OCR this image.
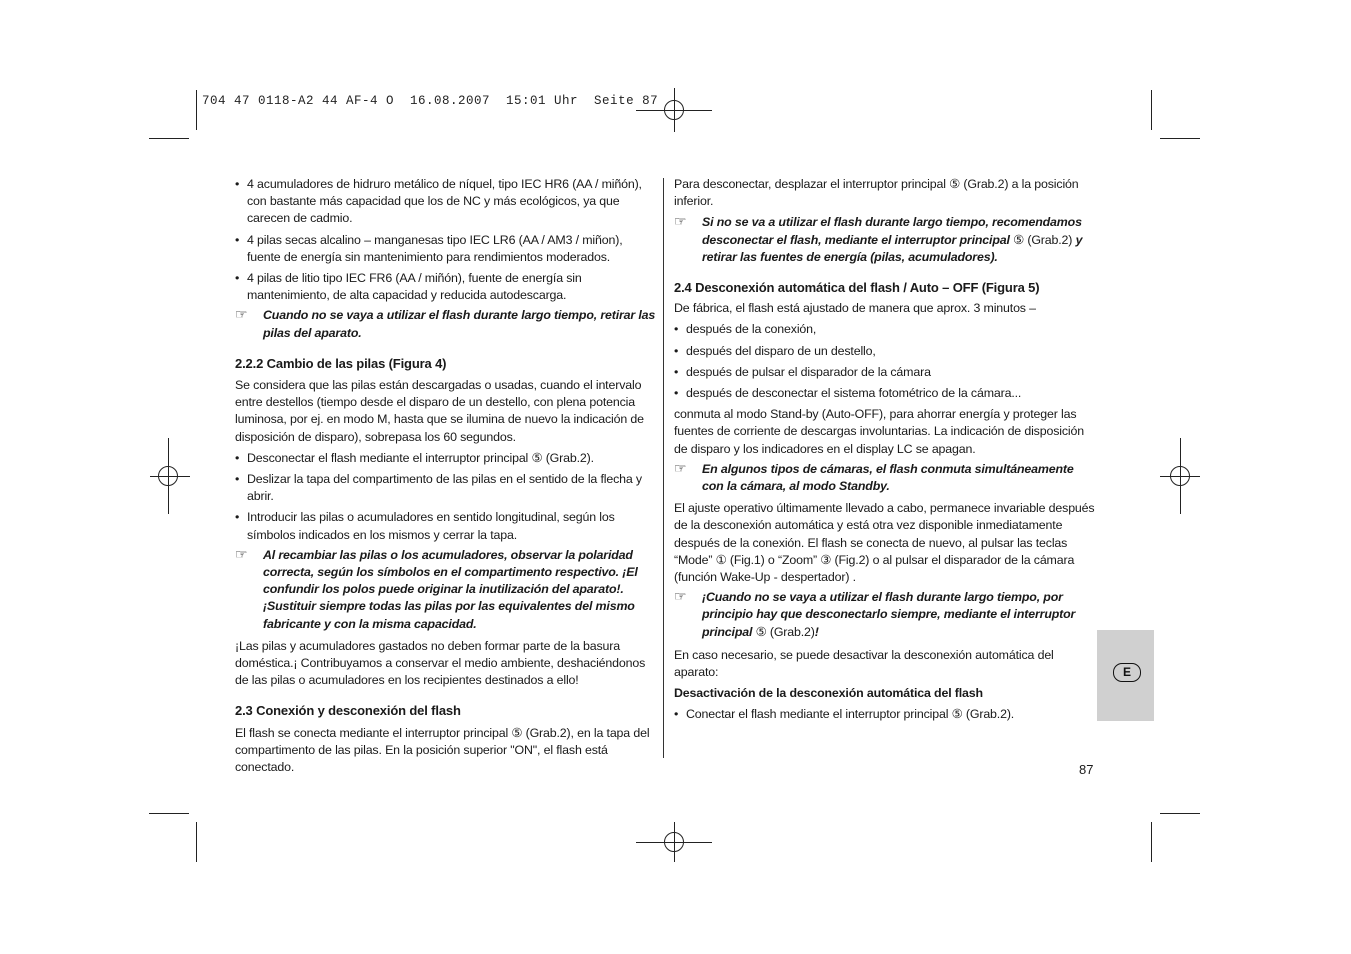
704 47 0118-A2 44 AF-4 O  16.08.2007  15:01 Uhr  Seite 87

• 4 acumuladores de hidruro metálico de níquel, tipo IEC HR6 (AA / miñón), con bastante más capacidad que los de NC y más ecológicos, ya que carecen de cadmio.

• 4 pilas secas alcalino – manganesas tipo IEC LR6 (AA / AM3 / miñon), fuente de energía sin mantenimiento para rendimientos moderados.

• 4 pilas de litio tipo IEC FR6 (AA / miñón), fuente de energía sin mantenimiento, de alta capacidad y reducida autodescarga.

☞ Cuando no se vaya a utilizar el flash durante largo tiempo, retirar las pilas del aparato.

2.2.2 Cambio de las pilas (Figura 4)

Se considera que las pilas están descargadas o usadas, cuando el intervalo entre destellos (tiempo desde el disparo de un destello, con plena potencia luminosa, por ej. en modo M, hasta que se ilumina de nuevo la indicación de disposición de disparo), sobrepasa los 60 segundos.

• Desconectar el flash mediante el interruptor principal ⑤ (Grab.2).

• Deslizar la tapa del compartimento de las pilas en el sentido de la flecha y abrir.

• Introducir las pilas o acumuladores en sentido longitudinal, según los símbolos indicados en los mismos y cerrar la tapa.

☞ Al recambiar las pilas o los acumuladores, observar la polaridad correcta, según los símbolos en el compartimento respectivo. ¡El confundir los polos puede originar la inutilización del aparato!. ¡Sustituir siempre todas las pilas por las equivalentes del mismo fabricante y con la misma capacidad.

¡Las pilas y acumuladores gastados no deben formar parte de la basura doméstica.¡ Contribuyamos a conservar el medio ambiente, deshaciéndonos de las pilas o acumuladores en los recipientes destinados a ello!

2.3 Conexión y desconexión del flash

El flash se conecta mediante el interruptor principal ⑤ (Grab.2), en la tapa del compartimento de las pilas. En la posición superior "ON", el flash está conectado.

Para desconectar, desplazar el interruptor principal ⑤ (Grab.2) a la posición inferior.

☞ Si no se va a utilizar el flash durante largo tiempo, recomendamos desconectar el flash, mediante el interruptor principal ⑤ (Grab.2) y retirar las fuentes de energía (pilas, acumuladores).

2.4 Desconexión automática del flash / Auto – OFF (Figura 5)

De fábrica, el flash está ajustado de manera que aprox. 3 minutos –

• después de la conexión,

• después del disparo de un destello,

• después de pulsar el disparador de la cámara

• después de desconectar el sistema fotométrico de la cámara...

conmuta al modo Stand-by (Auto-OFF), para ahorrar energía y proteger las fuentes de corriente de descargas involuntarias. La indicación de disposición de disparo y los indicadores en el display LC se apagan.

☞ En algunos tipos de cámaras, el flash conmuta simultáneamente con la cámara, al modo Standby.

El ajuste operativo últimamente llevado a cabo, permanece invariable después de la desconexión automática y está otra vez disponible inmediatamente después de la conexión. El flash se conecta de nuevo, al pulsar las teclas “Mode” ① (Fig.1) o “Zoom” ③ (Fig.2) o al pulsar el disparador de la cámara (función Wake-Up - despertador) .

☞ ¡Cuando no se vaya a utilizar el flash durante largo tiempo, por principio hay que desconectarlo siempre, mediante el interruptor principal ⑤ (Grab.2)!

En caso necesario, se puede desactivar la desconexión automática del aparato:

Desactivación de la desconexión automática del flash

• Conectar el flash mediante el interruptor principal ⑤ (Grab.2).

E
87
